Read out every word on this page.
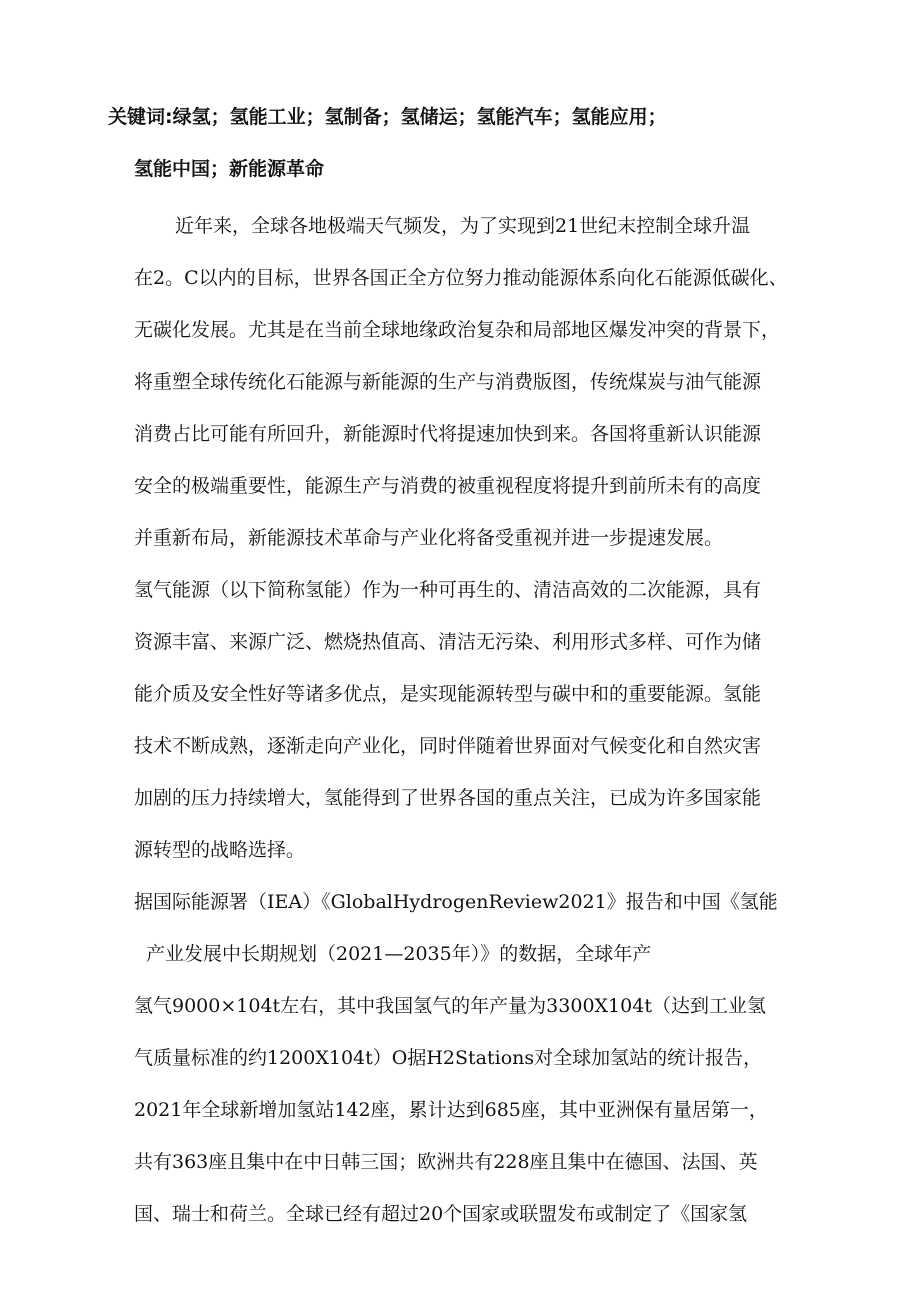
关键词:绿氢；氢能工业；氢制备；氢储运；氢能汽车；氢能应用；
氢能中国；新能源革命
近年来，全球各地极端天气频发，为了实现到21世纪末控制全球升温
在2。C以内的目标，世界各国正全方位努力推动能源体系向化石能源低碳化、
无碳化发展。尤其是在当前全球地缘政治复杂和局部地区爆发冲突的背景下，
将重塑全球传统化石能源与新能源的生产与消费版图，传统煤炭与油气能源
消费占比可能有所回升，新能源时代将提速加快到来。各国将重新认识能源
安全的极端重要性，能源生产与消费的被重视程度将提升到前所未有的高度
并重新布局，新能源技术革命与产业化将备受重视并进一步提速发展。
氢气能源（以下简称氢能）作为一种可再生的、清洁高效的二次能源，具有
资源丰富、来源广泛、燃烧热值高、清洁无污染、利用形式多样、可作为储
能介质及安全性好等诸多优点，是实现能源转型与碳中和的重要能源。氢能
技术不断成熟，逐渐走向产业化，同时伴随着世界面对气候变化和自然灾害
加剧的压力持续增大，氢能得到了世界各国的重点关注，已成为许多国家能
源转型的战略选择。
据国际能源署（IEA）《GlobalHydrogenReview2021》报告和中国《氢能
产业发展中长期规划（2021—2035年）》的数据，全球年产
氢气9000×104t左右，其中我国氢气的年产量为3300X104t（达到工业氢
气质量标准的约1200X104t）O据H2Stations对全球加氢站的统计报告，
2021年全球新增加氢站142座，累计达到685座，其中亚洲保有量居第一，
共有363座且集中在中日韩三国；欧洲共有228座且集中在德国、法国、英
国、瑞士和荷兰。全球已经有超过20个国家或联盟发布或制定了《国家氢
